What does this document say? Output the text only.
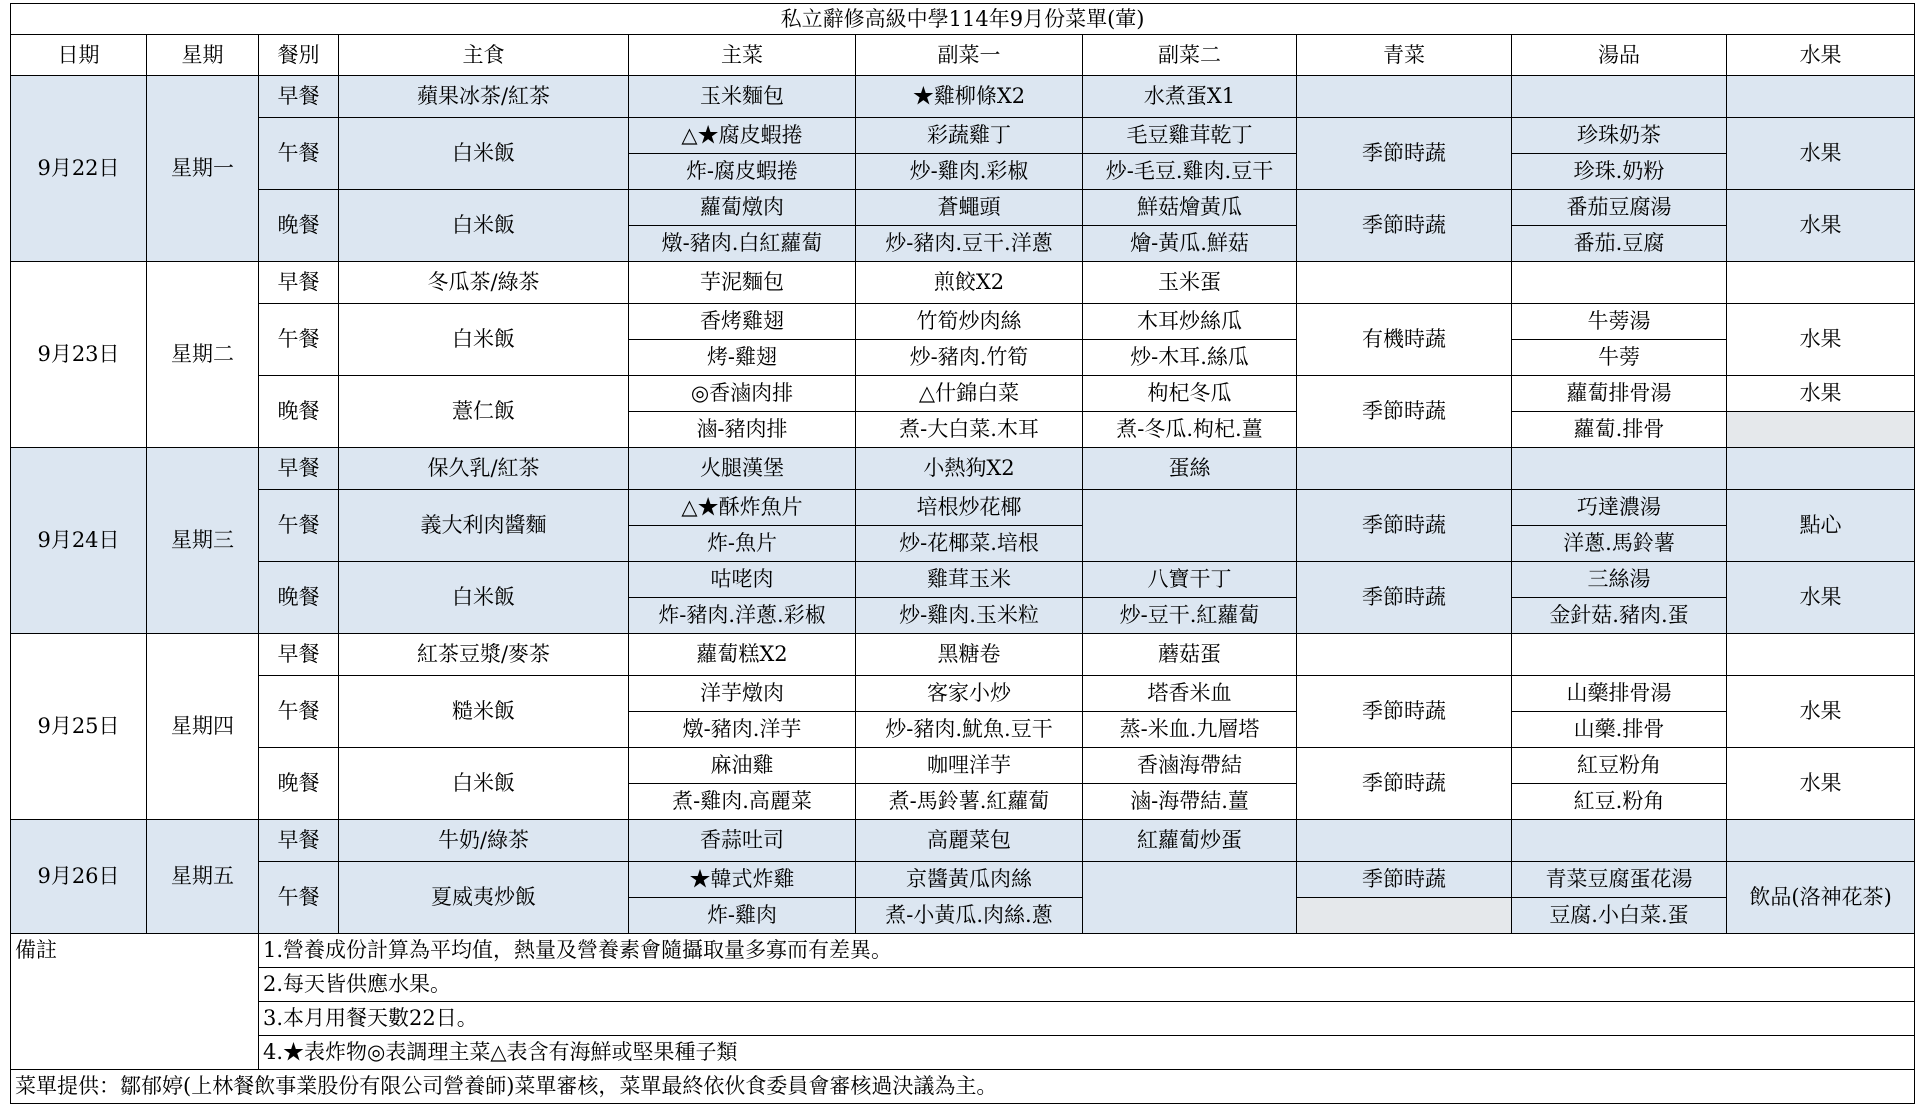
私立辭修高級中學114年9月份菜單(葷)									
日期	星期	餐別	主食	主菜	副菜一	副菜二	青菜	湯品	水果
9月22日	星期一	早餐	蘋果冰茶/紅茶	玉米麵包	★雞柳條X2	水煮蛋X1			
		午餐	白米飯	△★腐皮蝦捲	彩蔬雞丁	毛豆雞茸乾丁	季節時蔬	珍珠奶茶	水果
				炸-腐皮蝦捲	炒-雞肉.彩椒	炒-毛豆.雞肉.豆干		珍珠.奶粉	
		晚餐	白米飯	蘿蔔燉肉	蒼蠅頭	鮮菇燴黃瓜	季節時蔬	番茄豆腐湯	水果
				燉-豬肉.白紅蘿蔔	炒-豬肉.豆干.洋蔥	燴-黃瓜.鮮菇		番茄.豆腐	
9月23日	星期二	早餐	冬瓜茶/綠茶	芋泥麵包	煎餃X2	玉米蛋			
		午餐	白米飯	香烤雞翅	竹筍炒肉絲	木耳炒絲瓜	有機時蔬	牛蒡湯	水果
				烤-雞翅	炒-豬肉.竹筍	炒-木耳.絲瓜		牛蒡	
		晚餐	薏仁飯	◎香滷肉排	△什錦白菜	枸杞冬瓜	季節時蔬	蘿蔔排骨湯	水果
				滷-豬肉排	煮-大白菜.木耳	煮-冬瓜.枸杞.薑		蘿蔔.排骨	
9月24日	星期三	早餐	保久乳/紅茶	火腿漢堡	小熱狗X2	蛋絲			
		午餐	義大利肉醬麵	△★酥炸魚片	培根炒花椰		季節時蔬	巧達濃湯	點心
				炸-魚片	炒-花椰菜.培根			洋蔥.馬鈴薯	
		晚餐	白米飯	咕咾肉	雞茸玉米	八寶干丁	季節時蔬	三絲湯	水果
				炸-豬肉.洋蔥.彩椒	炒-雞肉.玉米粒	炒-豆干.紅蘿蔔		金針菇.豬肉.蛋	
9月25日	星期四	早餐	紅茶豆漿/麥茶	蘿蔔糕X2	黑糖卷	蘑菇蛋			
		午餐	糙米飯	洋芋燉肉	客家小炒	塔香米血	季節時蔬	山藥排骨湯	水果
				燉-豬肉.洋芋	炒-豬肉.魷魚.豆干	蒸-米血.九層塔		山藥.排骨	
		晚餐	白米飯	麻油雞	咖哩洋芋	香滷海帶結	季節時蔬	紅豆粉角	水果
				煮-雞肉.高麗菜	煮-馬鈴薯.紅蘿蔔	滷-海帶結.薑		紅豆.粉角	
9月26日	星期五	早餐	牛奶/綠茶	香蒜吐司	高麗菜包	紅蘿蔔炒蛋			
		午餐	夏威夷炒飯	★韓式炸雞	京醬黃瓜肉絲		季節時蔬	青菜豆腐蛋花湯	飲品(洛神花茶)
				炸-雞肉	煮-小黃瓜.肉絲.蔥			豆腐.小白菜.蛋	
備註		1.營養成份計算為平均值，熱量及營養素會隨攝取量多寡而有差異。							
		2.每天皆供應水果。							
		3.本月用餐天數22日。							
		4.★表炸物◎表調理主菜△表含有海鮮或堅果種子類							
菜單提供：鄒郁婷(上林餐飲事業股份有限公司營養師)菜單審核，菜單最終依伙食委員會審核過決議為主。									
